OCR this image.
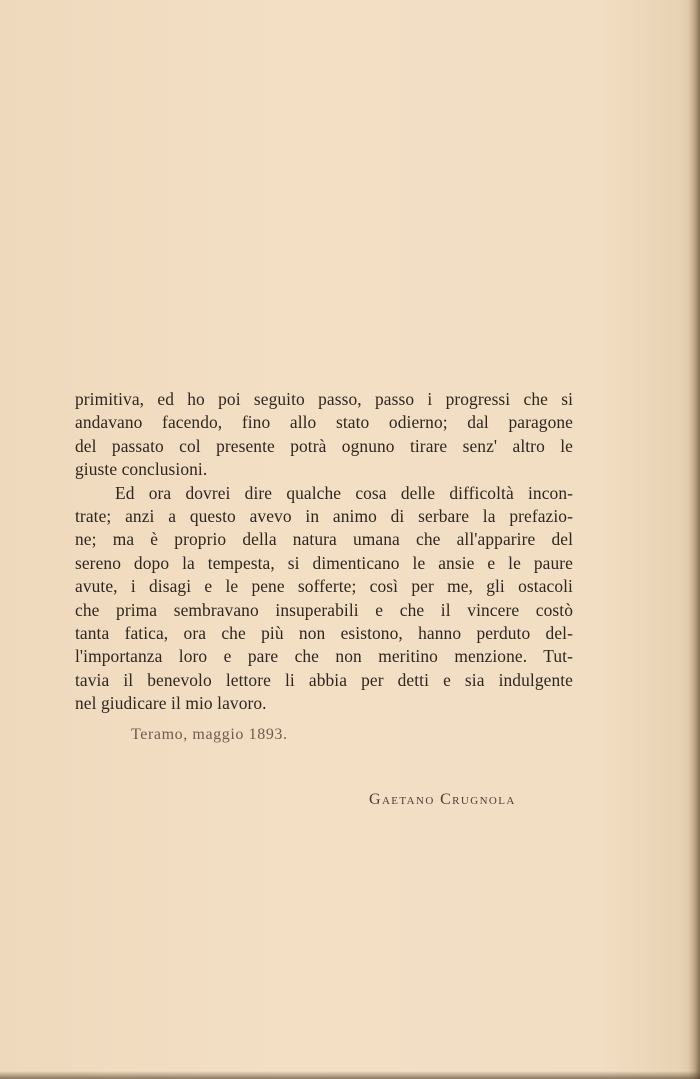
primitiva, ed ho poi seguito passo, passo i progressi che si
andavano facendo, fino allo stato odierno; dal paragone
del passato col presente potrà ognuno tirare senz' altro le
giuste conclusioni.

Ed ora dovrei dire qualche cosa delle difficoltà incon-
trate; anzi a questo avevo in animo di serbare la prefazio-
ne; ma è proprio della natura umana che all'apparire del
sereno dopo la tempesta, si dimenticano le ansie e le paure
avute, i disagi e le pene sofferte; così per me, gli ostacoli
che prima sembravano insuperabili e che il vincere costò
tanta fatica, ora che più non esistono, hanno perduto del-
l'importanza loro e pare che non meritino menzione. Tut-
tavia il benevolo lettore li abbia per detti e sia indulgente
nel giudicare il mio lavoro.

Teramo, maggio 1893.
Gaetano Crugnola
